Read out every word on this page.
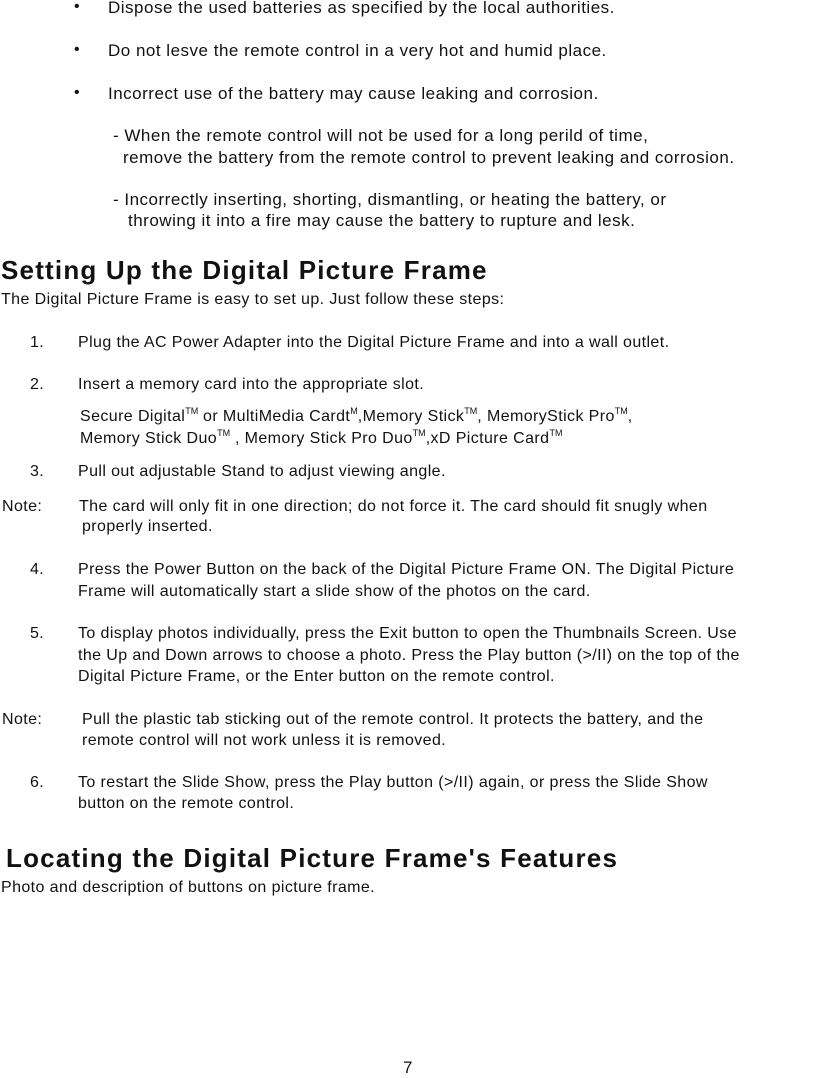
• Dispose the used batteries as specified by the local authorities.
• Do not lesve the remote control in a very hot and humid place.
• Incorrect use of the battery may cause leaking and corrosion.
- When the remote control will not be used for a long perild of time,
remove the battery from the remote control to prevent leaking and corrosion.
- Incorrectly inserting, shorting, dismantling, or heating the battery, or
throwing it into a fire may cause the battery to rupture and lesk.
Setting Up the Digital Picture Frame
The Digital Picture Frame is easy to set up. Just follow these steps:
1. Plug the AC Power Adapter into the Digital Picture Frame and into a wall outlet.
2. Insert a memory card into the appropriate slot.
Secure Digital™ or MultiMedia Cardt$^M$,Memory Stick™, MemoryStick Pro™,
Memory Stick Duo™ , Memory Stick Pro Duo™,xD Picture Card™
3. Pull out adjustable Stand to adjust viewing angle.
Note: The card will only fit in one direction; do not force it. The card should fit snugly when
properly inserted.
4. Press the Power Button on the back of the Digital Picture Frame ON. The Digital Picture
Frame will automatically start a slide show of the photos on the card.
5. To display photos individually, press the Exit button to open the Thumbnails Screen. Use
the Up and Down arrows to choose a photo. Press the Play button (>/II) on the top of the
Digital Picture Frame, or the Enter button on the remote control.
Note: Pull the plastic tab sticking out of the remote control. It protects the battery, and the
remote control will not work unless it is removed.
6. To restart the Slide Show, press the Play button (>/II) again, or press the Slide Show
button on the remote control.
Locating the Digital Picture Frame's Features
Photo and description of buttons on picture frame.
7
